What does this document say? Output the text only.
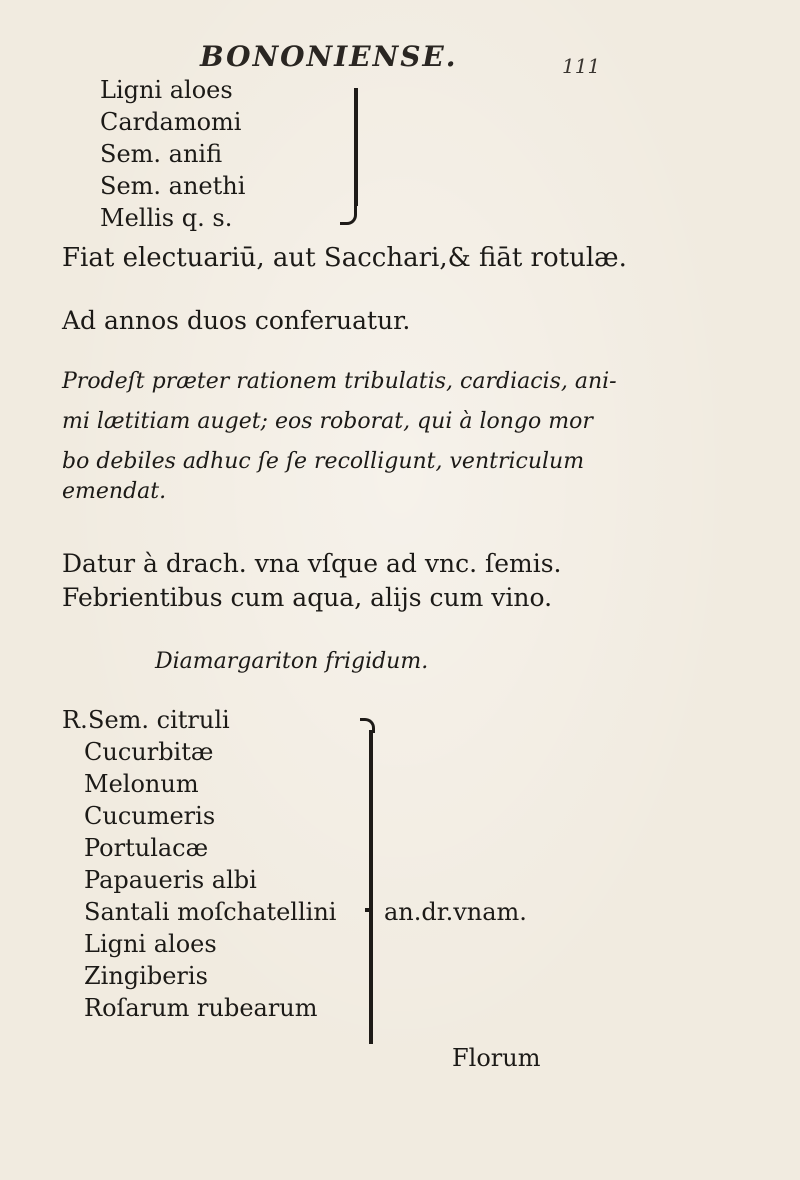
BONONIENSE.	111
Ligni aloes
Cardamomi
Sem. anifi
Sem. anethi
Mellis q. s.
Fiat electuariū, aut Sacchari,& fiāt rotulæ.
Ad annos duos conferuatur.
Prodeſt præter rationem tribulatis, cardiacis, ani-
mi lætitiam auget; eos roborat, qui à longo mor
bo debiles adhuc ſe ſe recolligunt, ventriculum
emendat.
Datur à drach. vna vſque ad vnc. ſemis.
Febrientibus cum aqua, alijs cum vino.
Diamargariton frigidum.
R. Sem. citruli
Cucurbitæ
Melonum
Cucumeris
Portulacæ
Papaueris albi
Santali moſchatellini
Ligni aloes
Zingiberis
Roſarum rubearum
an.dr.vnam.
Florum
